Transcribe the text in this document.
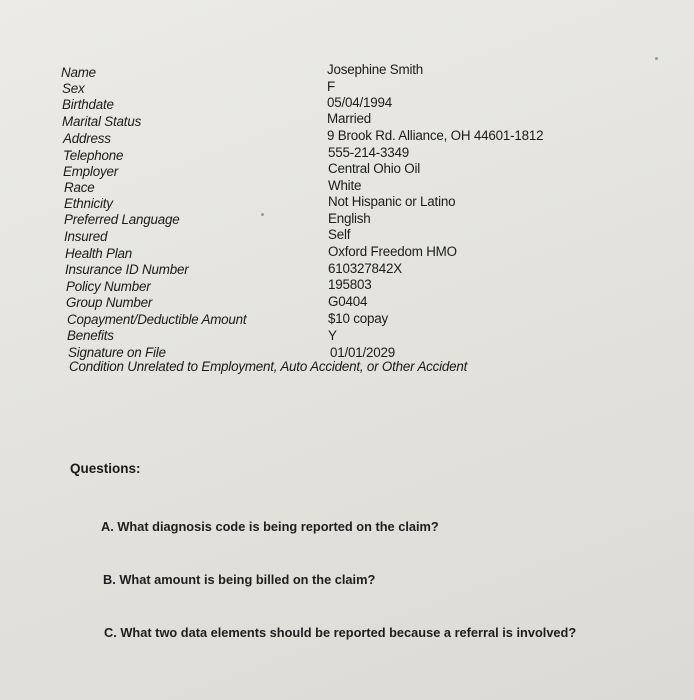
Name
Sex
Birthdate
Marital Status
Address
Telephone
Employer
Race
Ethnicity
Preferred Language
Insured
Health Plan
Insurance ID Number
Policy Number
Group Number
Copayment/Deductible Amount
Benefits
Signature on File
Josephine Smith
F
05/04/1994
Married
9 Brook Rd. Alliance, OH 44601-1812
555-214-3349
Central Ohio Oil
White
Not Hispanic or Latino
English
Self
Oxford Freedom HMO
610327842X
195803
G0404
$10 copay
Y
01/01/2029
Condition Unrelated to Employment, Auto Accident, or Other Accident
Questions:
A. What diagnosis code is being reported on the claim?
B. What amount is being billed on the claim?
C. What two data elements should be reported because a referral is involved?
